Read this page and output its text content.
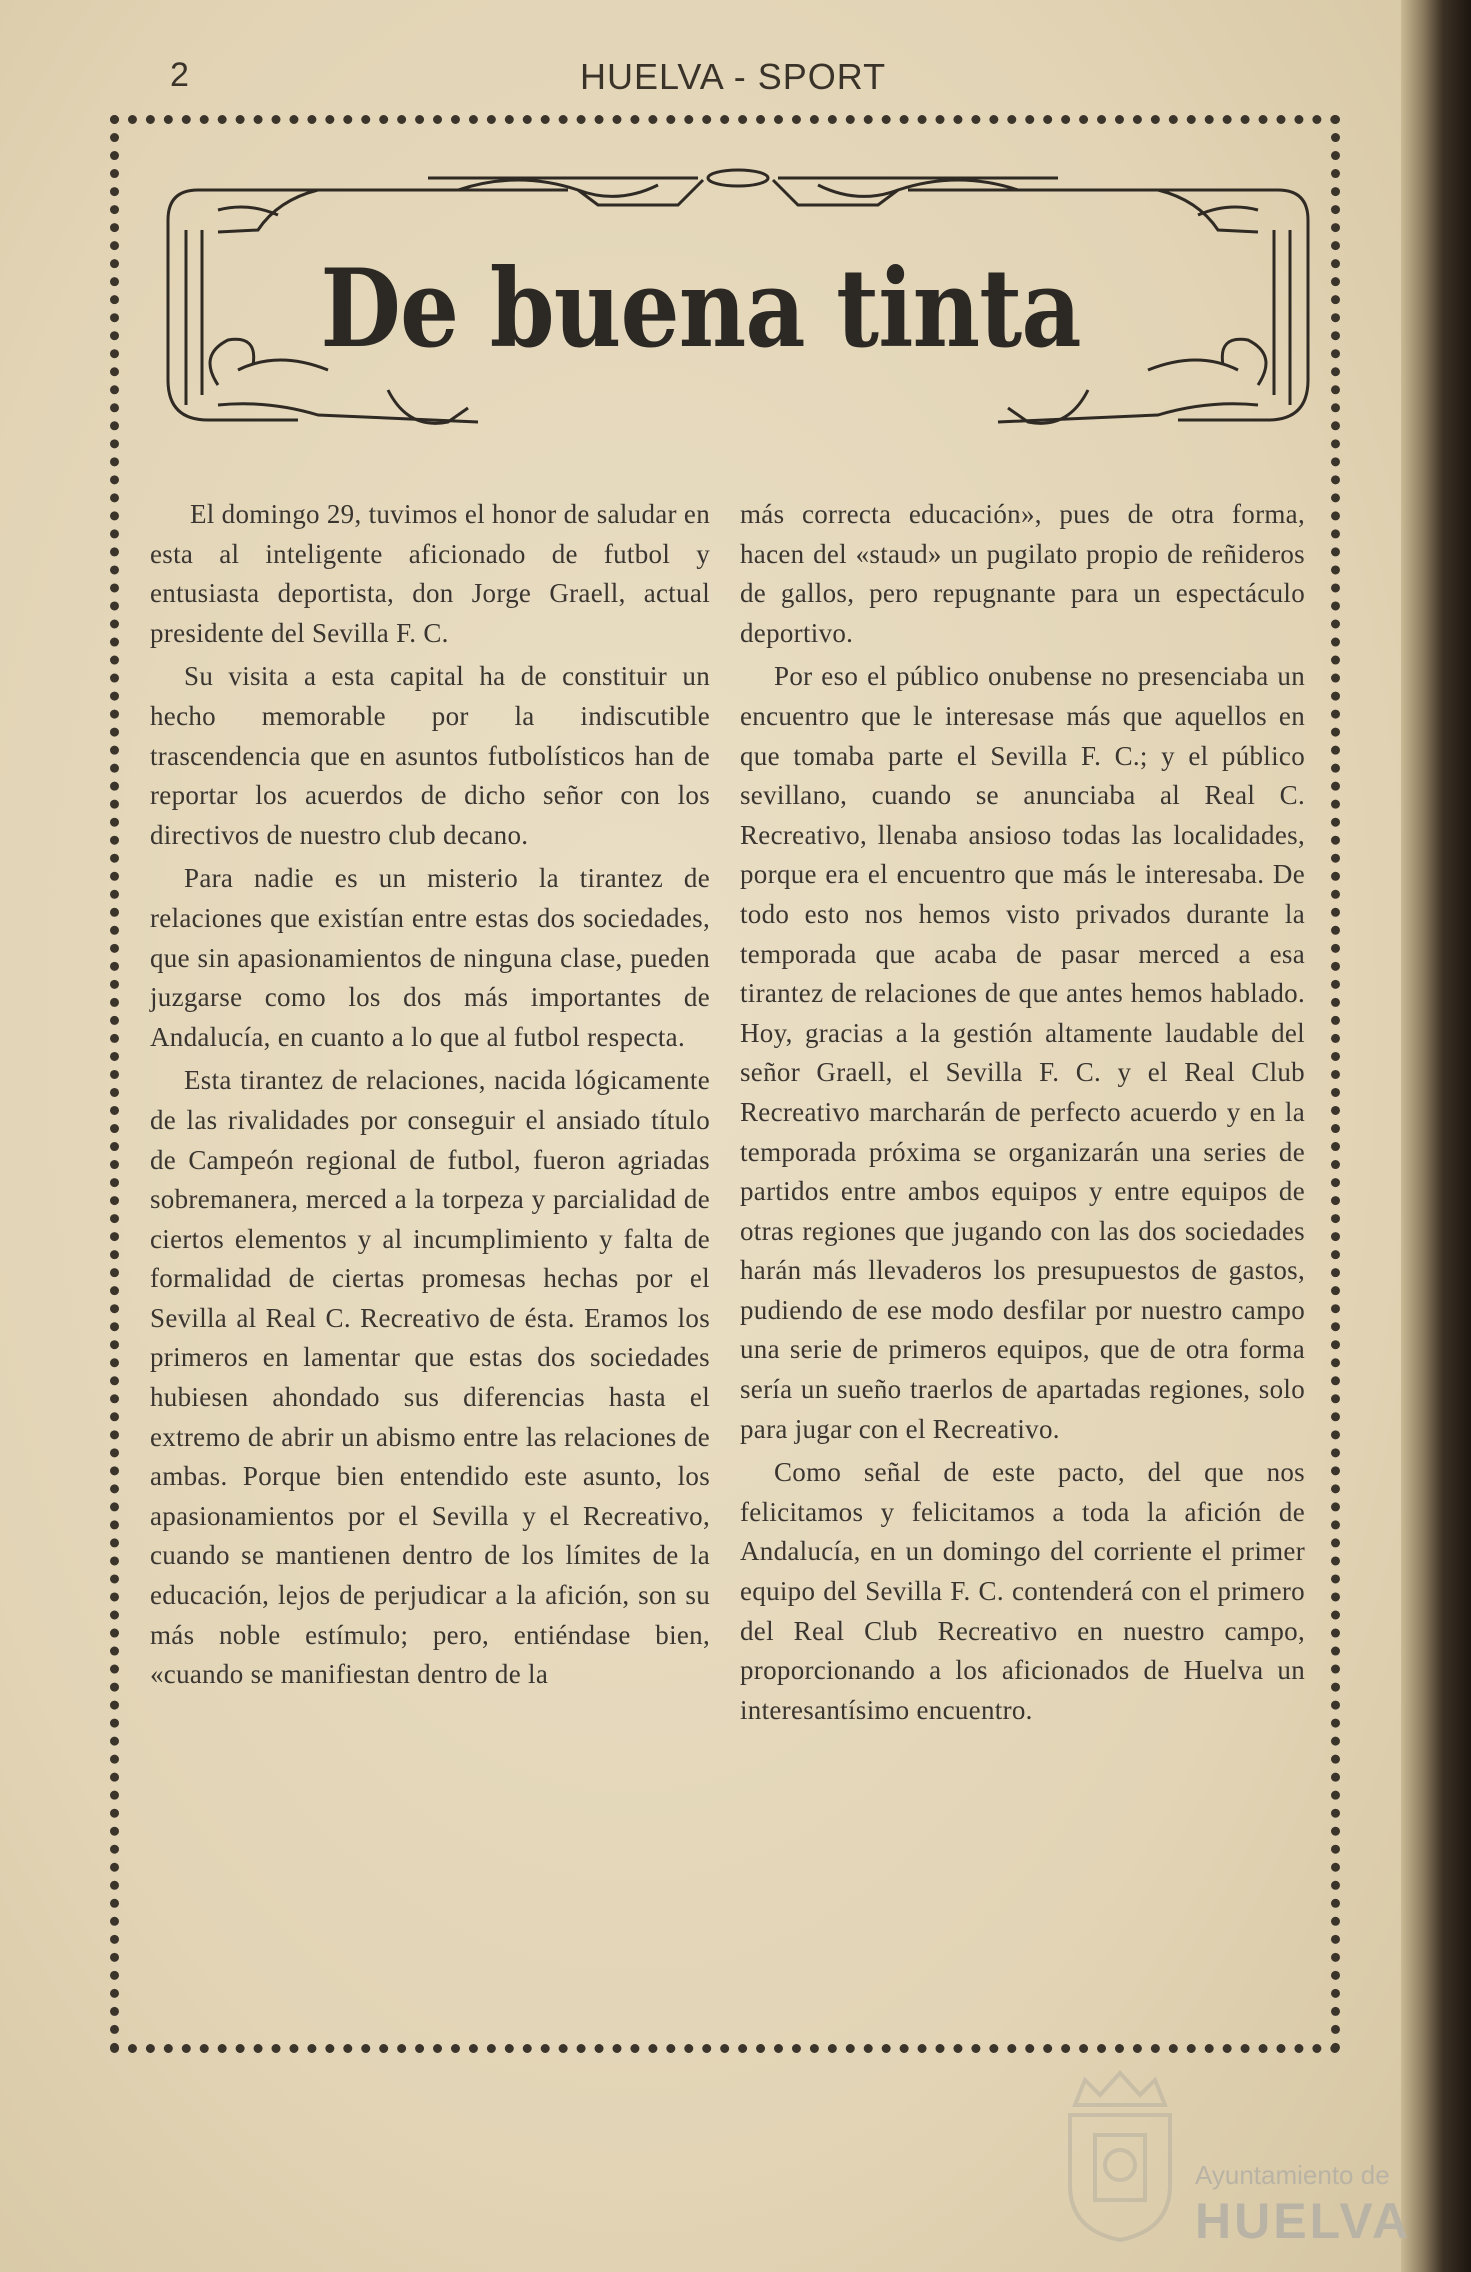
2	HUELVA - SPORT
De buena tinta

El domingo 29, tuvimos el honor de saludar en esta al inteligente aficionado de futbol y entusiasta deportista, don Jorge Graell, actual presidente del Sevilla F. C.

Su visita a esta capital ha de constituir un hecho memorable por la indiscutible trascendencia que en asuntos futbolísticos han de reportar los acuerdos de dicho señor con los directivos de nuestro club decano.

Para nadie es un misterio la tirantez de relaciones que existían entre estas dos sociedades, que sin apasionamientos de ninguna clase, pueden juzgarse como los dos más importantes de Andalucía, en cuanto a lo que al futbol respecta.

Esta tirantez de relaciones, nacida lógicamente de las rivalidades por conseguir el ansiado título de Campeón regional de futbol, fueron agriadas sobremanera, merced a la torpeza y parcialidad de ciertos elementos y al incumplimiento y falta de formalidad de ciertas promesas hechas por el Sevilla al Real C. Recreativo de ésta. Eramos los primeros en lamentar que estas dos sociedades hubiesen ahondado sus diferencias hasta el extremo de abrir un abismo entre las relaciones de ambas. Porque bien entendido este asunto, los apasionamientos por el Sevilla y el Recreativo, cuando se mantienen dentro de los límites de la educación, lejos de perjudicar a la afición, son su más noble estímulo; pero, entiéndase bien, «cuando se manifiestan dentro de la

más correcta educación», pues de otra forma, hacen del «staud» un pugilato propio de reñideros de gallos, pero repugnante para un espectáculo deportivo.

Por eso el público onubense no presenciaba un encuentro que le interesase más que aquellos en que tomaba parte el Sevilla F. C.; y el público sevillano, cuando se anunciaba al Real C. Recreativo, llenaba ansioso todas las localidades, porque era el encuentro que más le interesaba. De todo esto nos hemos visto privados durante la temporada que acaba de pasar merced a esa tirantez de relaciones de que antes hemos hablado. Hoy, gracias a la gestión altamente laudable del señor Graell, el Sevilla F. C. y el Real Club Recreativo marcharán de perfecto acuerdo y en la temporada próxima se organizarán una series de partidos entre ambos equipos y entre equipos de otras regiones que jugando con las dos sociedades harán más llevaderos los presupuestos de gastos, pudiendo de ese modo desfilar por nuestro campo una serie de primeros equipos, que de otra forma sería un sueño traerlos de apartadas regiones, solo para jugar con el Recreativo.

Como señal de este pacto, del que nos felicitamos y felicitamos a toda la afición de Andalucía, en un domingo del corriente el primer equipo del Sevilla F. C. contenderá con el primero del Real Club Recreativo en nuestro campo, proporcionando a los aficionados de Huelva un interesantísimo encuentro.

Ayuntamiento de
HUELVA
